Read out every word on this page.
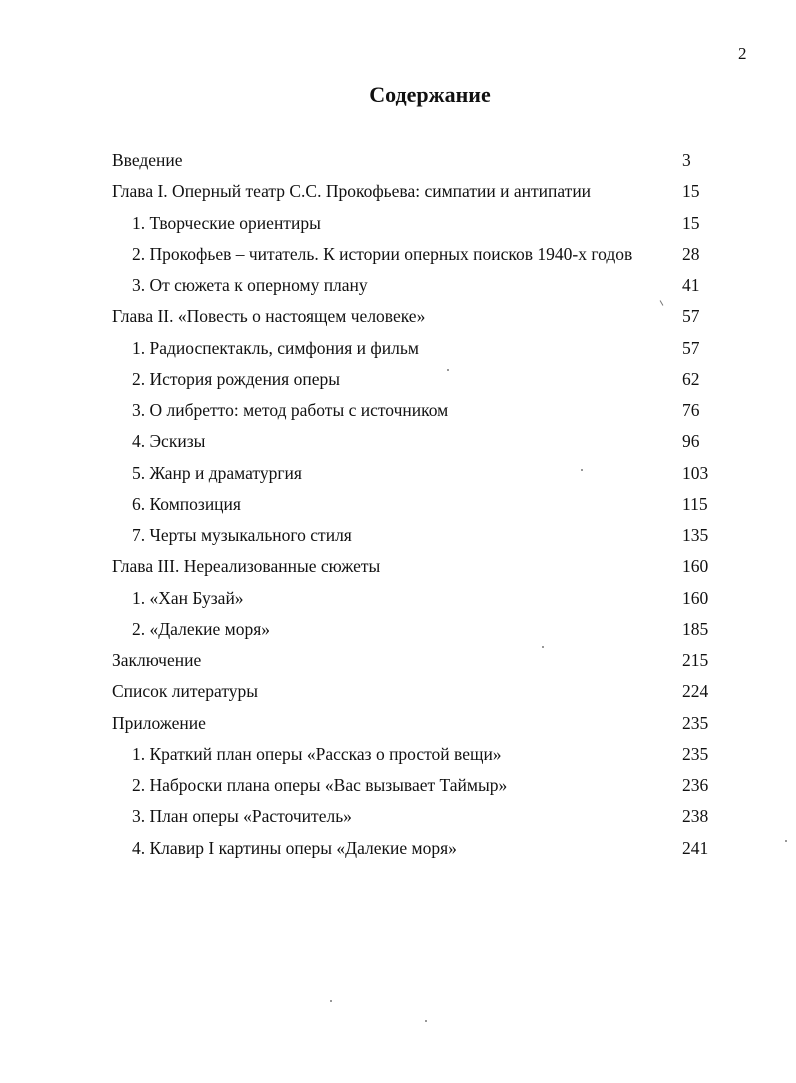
2
Содержание
Введение	3
Глава I. Оперный театр С.С. Прокофьева: симпатии и антипатии	15
1. Творческие ориентиры	15
2. Прокофьев – читатель. К истории оперных поисков 1940-х годов	28
3. От сюжета к оперному плану	41
Глава II. «Повесть о настоящем человеке»	57
1. Радиоспектакль, симфония и фильм	57
2. История рождения оперы	62
3. О либретто: метод работы с источником	76
4. Эскизы	96
5. Жанр и драматургия	103
6. Композиция	115
7. Черты музыкального стиля	135
Глава III. Нереализованные сюжеты	160
1. «Хан Бузай»	160
2. «Далекие моря»	185
Заключение	215
Список литературы	224
Приложение	235
1. Краткий план оперы «Рассказ о простой вещи»	235
2. Наброски плана оперы «Вас вызывает Таймыр»	236
3. План оперы «Расточитель»	238
4. Клавир I картины оперы «Далекие моря»	241
